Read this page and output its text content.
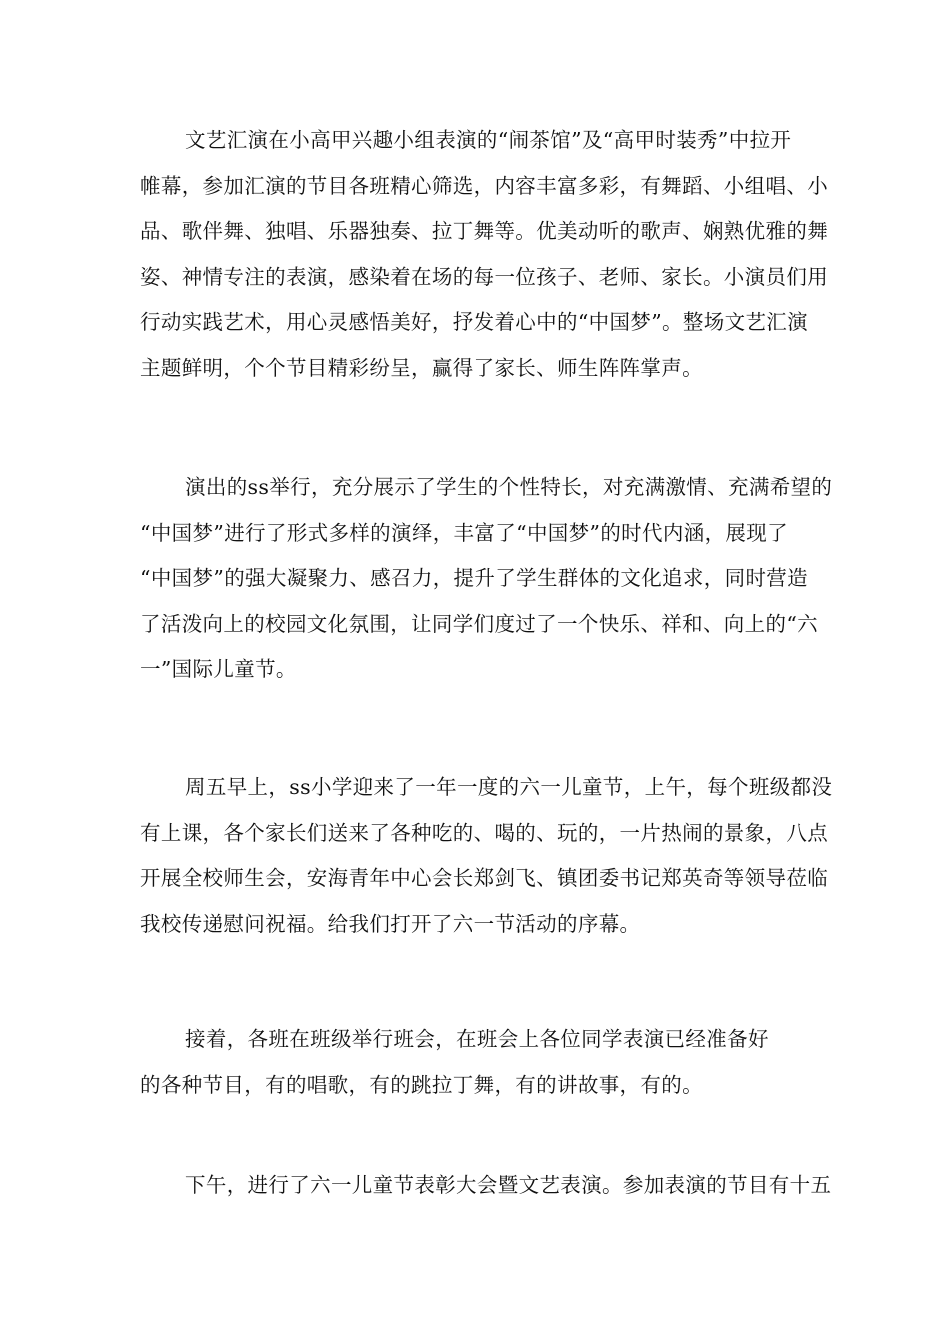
文艺汇演在小高甲兴趣小组表演的“闹茶馆”及“高甲时装秀”中拉开
帷幕，参加汇演的节目各班精心筛选，内容丰富多彩，有舞蹈、小组唱、小
品、歌伴舞、独唱、乐器独奏、拉丁舞等。优美动听的歌声、娴熟优雅的舞
姿、神情专注的表演，感染着在场的每一位孩子、老师、家长。小演员们用
行动实践艺术，用心灵感悟美好，抒发着心中的“中国梦”。整场文艺汇演
主题鲜明，个个节目精彩纷呈，赢得了家长、师生阵阵掌声。
演出的ss举行，充分展示了学生的个性特长，对充满激情、充满希望的
“中国梦”进行了形式多样的演绎，丰富了“中国梦”的时代内涵，展现了
“中国梦”的强大凝聚力、感召力，提升了学生群体的文化追求，同时营造
了活泼向上的校园文化氛围，让同学们度过了一个快乐、祥和、向上的“六
一”国际儿童节。
周五早上，ss小学迎来了一年一度的六一儿童节，上午，每个班级都没
有上课，各个家长们送来了各种吃的、喝的、玩的，一片热闹的景象，八点
开展全校师生会，安海青年中心会长郑剑飞、镇团委书记郑英奇等领导莅临
我校传递慰问祝福。给我们打开了六一节活动的序幕。
接着，各班在班级举行班会，在班会上各位同学表演已经准备好
的各种节目，有的唱歌，有的跳拉丁舞，有的讲故事，有的。
下午，进行了六一儿童节表彰大会暨文艺表演。参加表演的节目有十五
